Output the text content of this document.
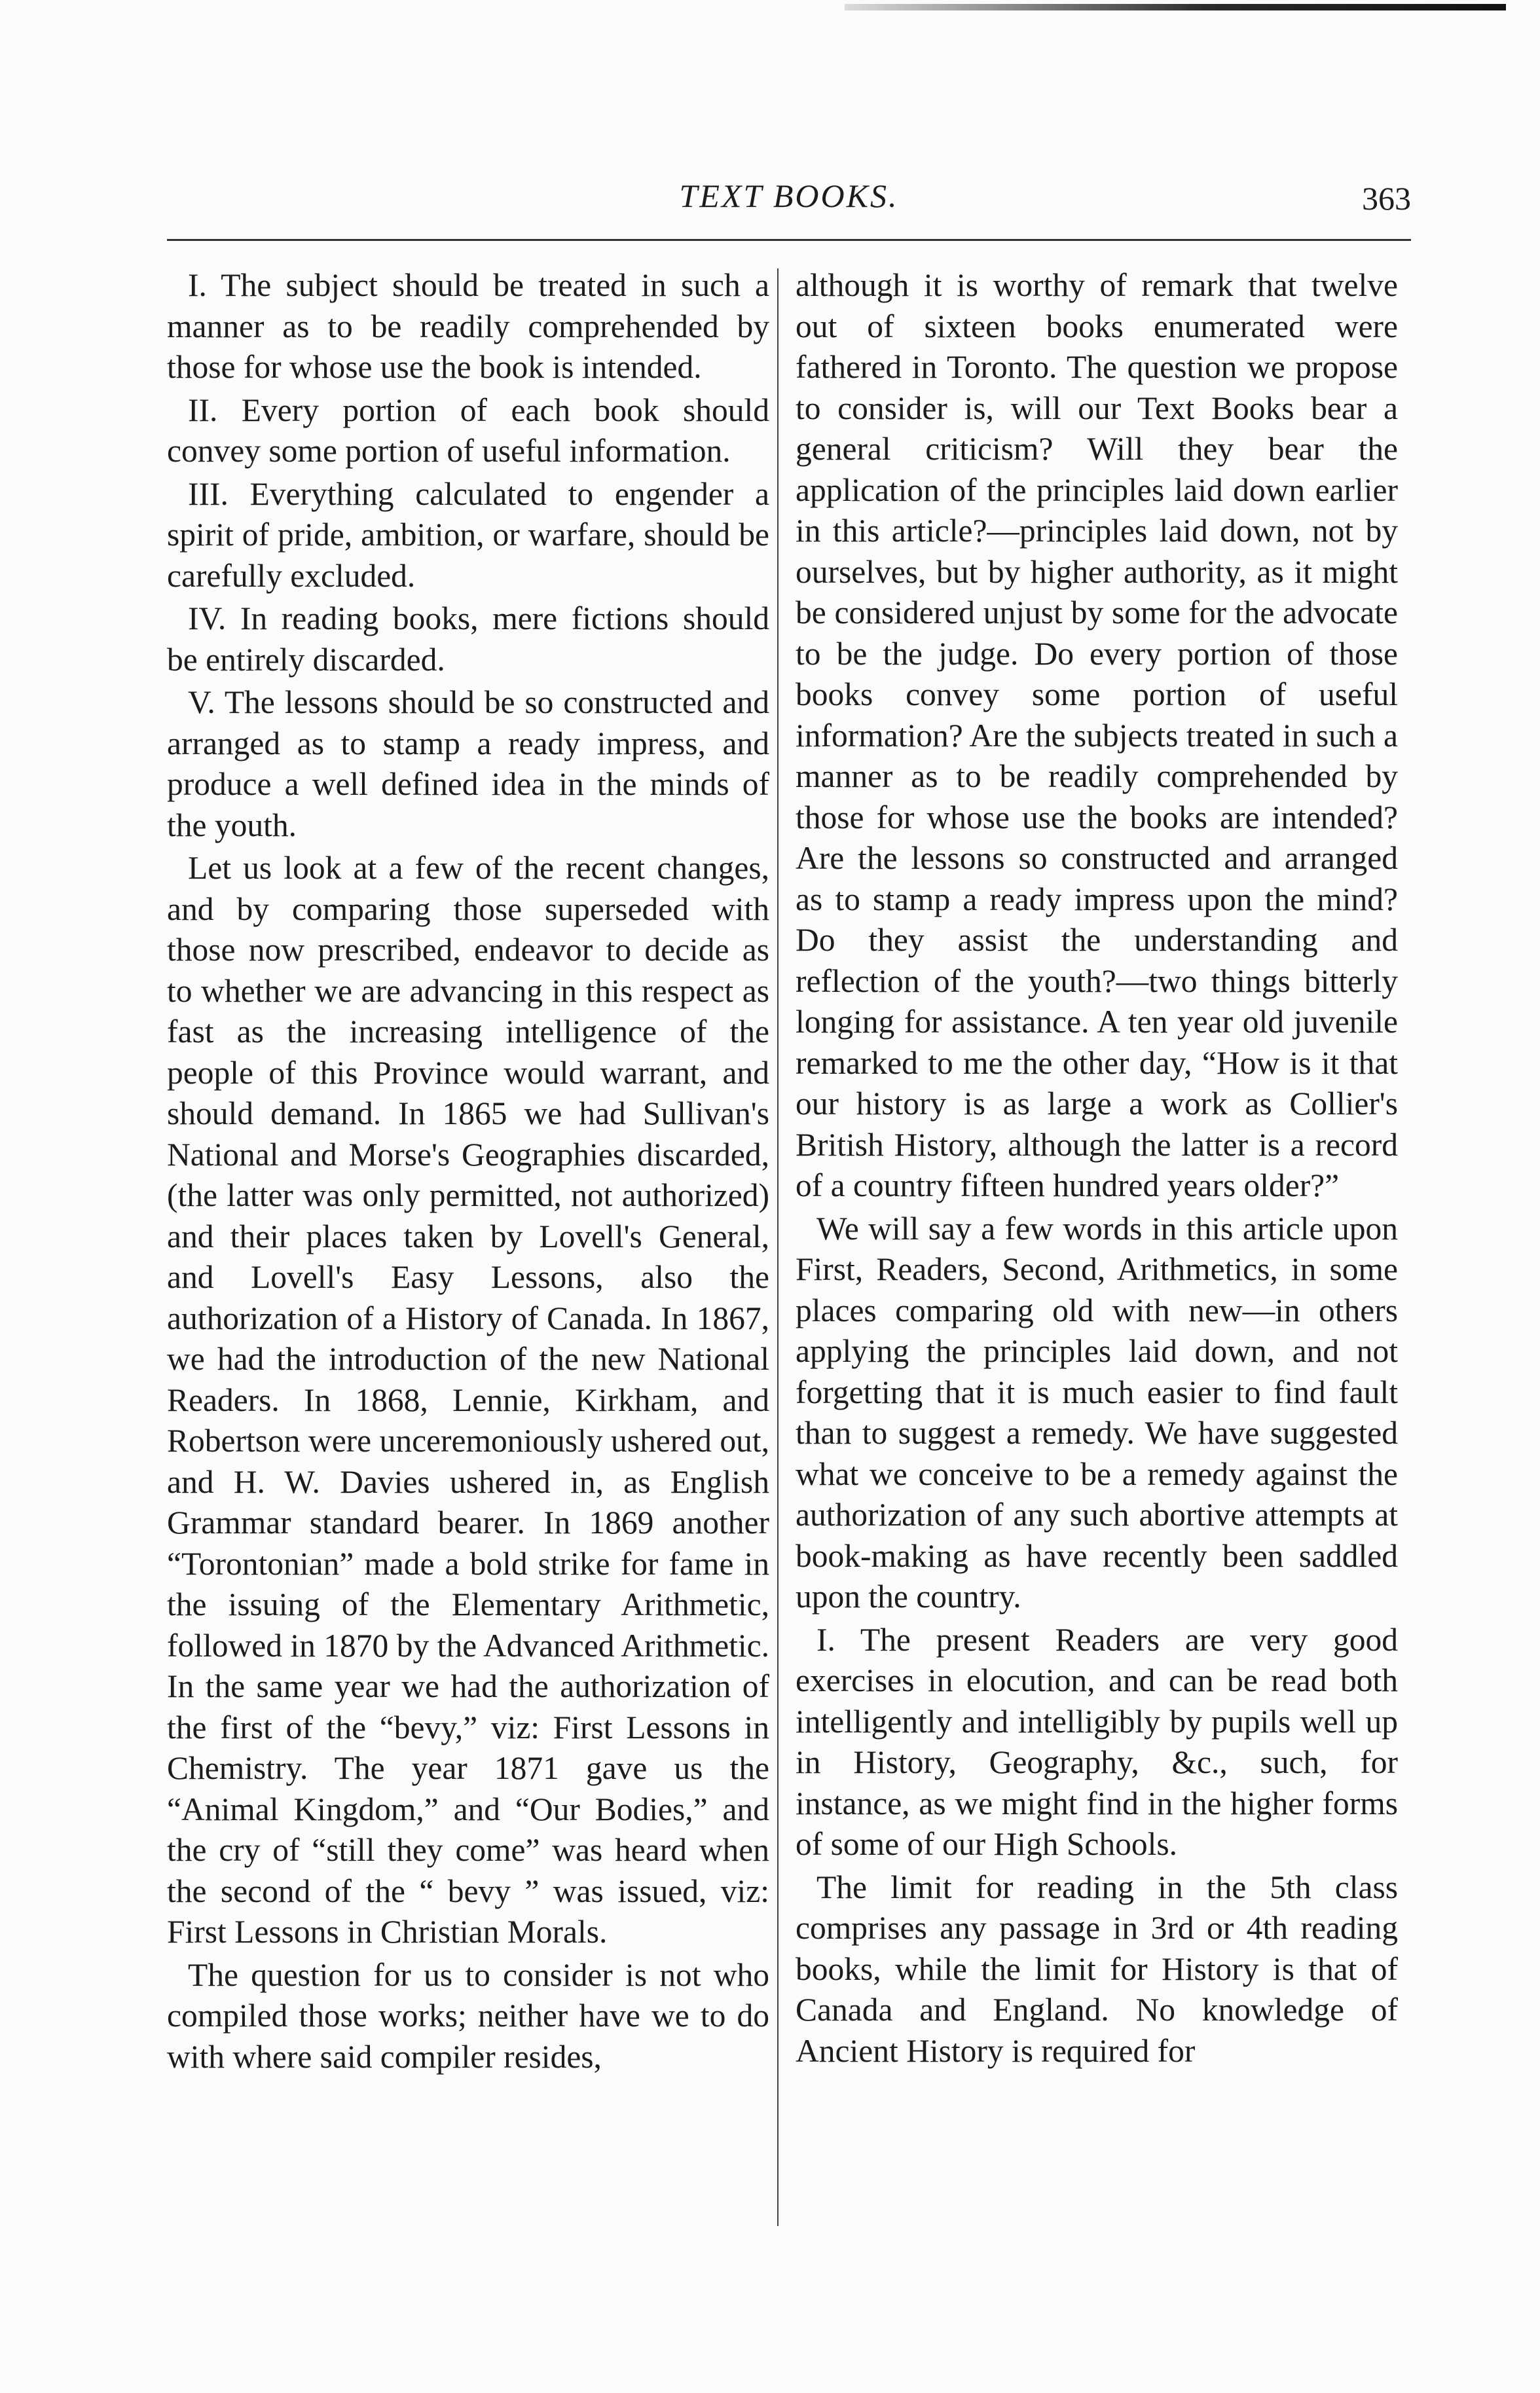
TEXT BOOKS.	363

I. The subject should be treated in such a manner as to be readily comprehended by those for whose use the book is intended.

II. Every portion of each book should convey some portion of useful information.

III. Everything calculated to engender a spirit of pride, ambition, or warfare, should be carefully excluded.

IV. In reading books, mere fictions should be entirely discarded.

V. The lessons should be so constructed and arranged as to stamp a ready impress, and produce a well defined idea in the minds of the youth.

Let us look at a few of the recent changes, and by comparing those superseded with those now prescribed, endeavor to decide as to whether we are advancing in this respect as fast as the increasing intelligence of the people of this Province would warrant, and should demand. In 1865 we had Sullivan's National and Morse's Geographies discarded, (the latter was only permitted, not authorized) and their places taken by Lovell's General, and Lovell's Easy Lessons, also the authorization of a History of Canada. In 1867, we had the introduction of the new National Readers. In 1868, Lennie, Kirkham, and Robertson were unceremoniously ushered out, and H. W. Davies ushered in, as English Grammar standard bearer. In 1869 another “Torontonian” made a bold strike for fame in the issuing of the Elementary Arithmetic, followed in 1870 by the Advanced Arithmetic. In the same year we had the authorization of the first of the “bevy,” viz: First Lessons in Chemistry. The year 1871 gave us the “Animal Kingdom,” and “Our Bodies,” and the cry of “still they come” was heard when the second of the “ bevy ” was issued, viz: First Lessons in Christian Morals.

The question for us to consider is not who compiled those works; neither have we to do with where said compiler resides,

although it is worthy of remark that twelve out of sixteen books enumerated were fathered in Toronto. The question we propose to consider is, will our Text Books bear a general criticism? Will they bear the application of the principles laid down earlier in this article?—principles laid down, not by ourselves, but by higher authority, as it might be considered unjust by some for the advocate to be the judge. Do every portion of those books convey some portion of useful information? Are the subjects treated in such a manner as to be readily comprehended by those for whose use the books are intended? Are the lessons so constructed and arranged as to stamp a ready impress upon the mind? Do they assist the understanding and reflection of the youth?—two things bitterly longing for assistance. A ten year old juvenile remarked to me the other day, “How is it that our history is as large a work as Collier's British History, although the latter is a record of a country fifteen hundred years older?”

We will say a few words in this article upon First, Readers, Second, Arithmetics, in some places comparing old with new—in others applying the principles laid down, and not forgetting that it is much easier to find fault than to suggest a remedy. We have suggested what we conceive to be a remedy against the authorization of any such abortive attempts at book-making as have recently been saddled upon the country.

I. The present Readers are very good exercises in elocution, and can be read both intelligently and intelligibly by pupils well up in History, Geography, &c., such, for instance, as we might find in the higher forms of some of our High Schools.

The limit for reading in the 5th class comprises any passage in 3rd or 4th reading books, while the limit for History is that of Canada and England. No knowledge of Ancient History is required for
